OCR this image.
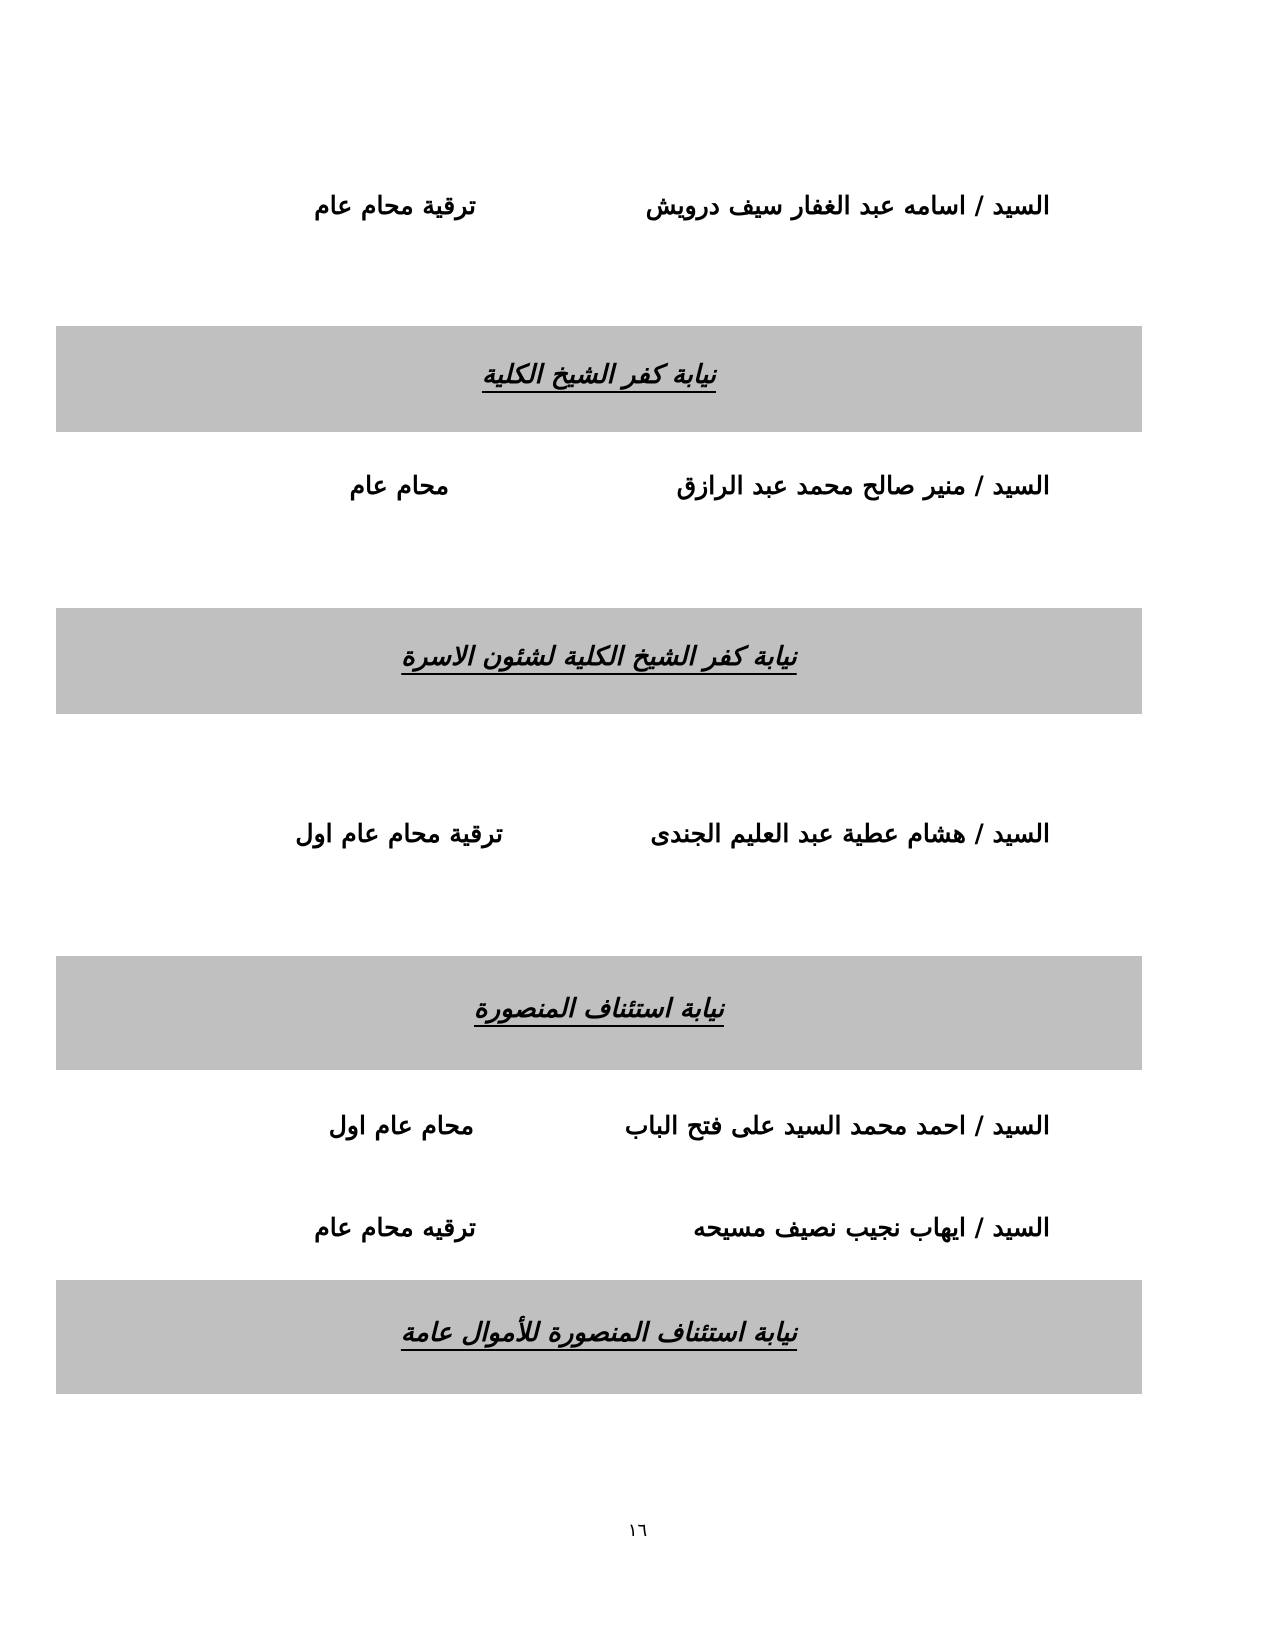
السيد / اسامه عبد الغفار سيف درويش
ترقية محام عام
نيابة كفر الشيخ الكلية
السيد / منير صالح محمد عبد الرازق
محام عام
نيابة كفر الشيخ الكلية لشئون الاسرة
السيد / هشام عطية عبد العليم الجندى
ترقية محام عام اول
نيابة استئناف المنصورة
السيد / احمد محمد السيد على فتح الباب
محام عام اول
السيد / ايهاب نجيب نصيف مسيحه
ترقيه محام عام
نيابة استئناف المنصورة للأموال عامة
١٦
